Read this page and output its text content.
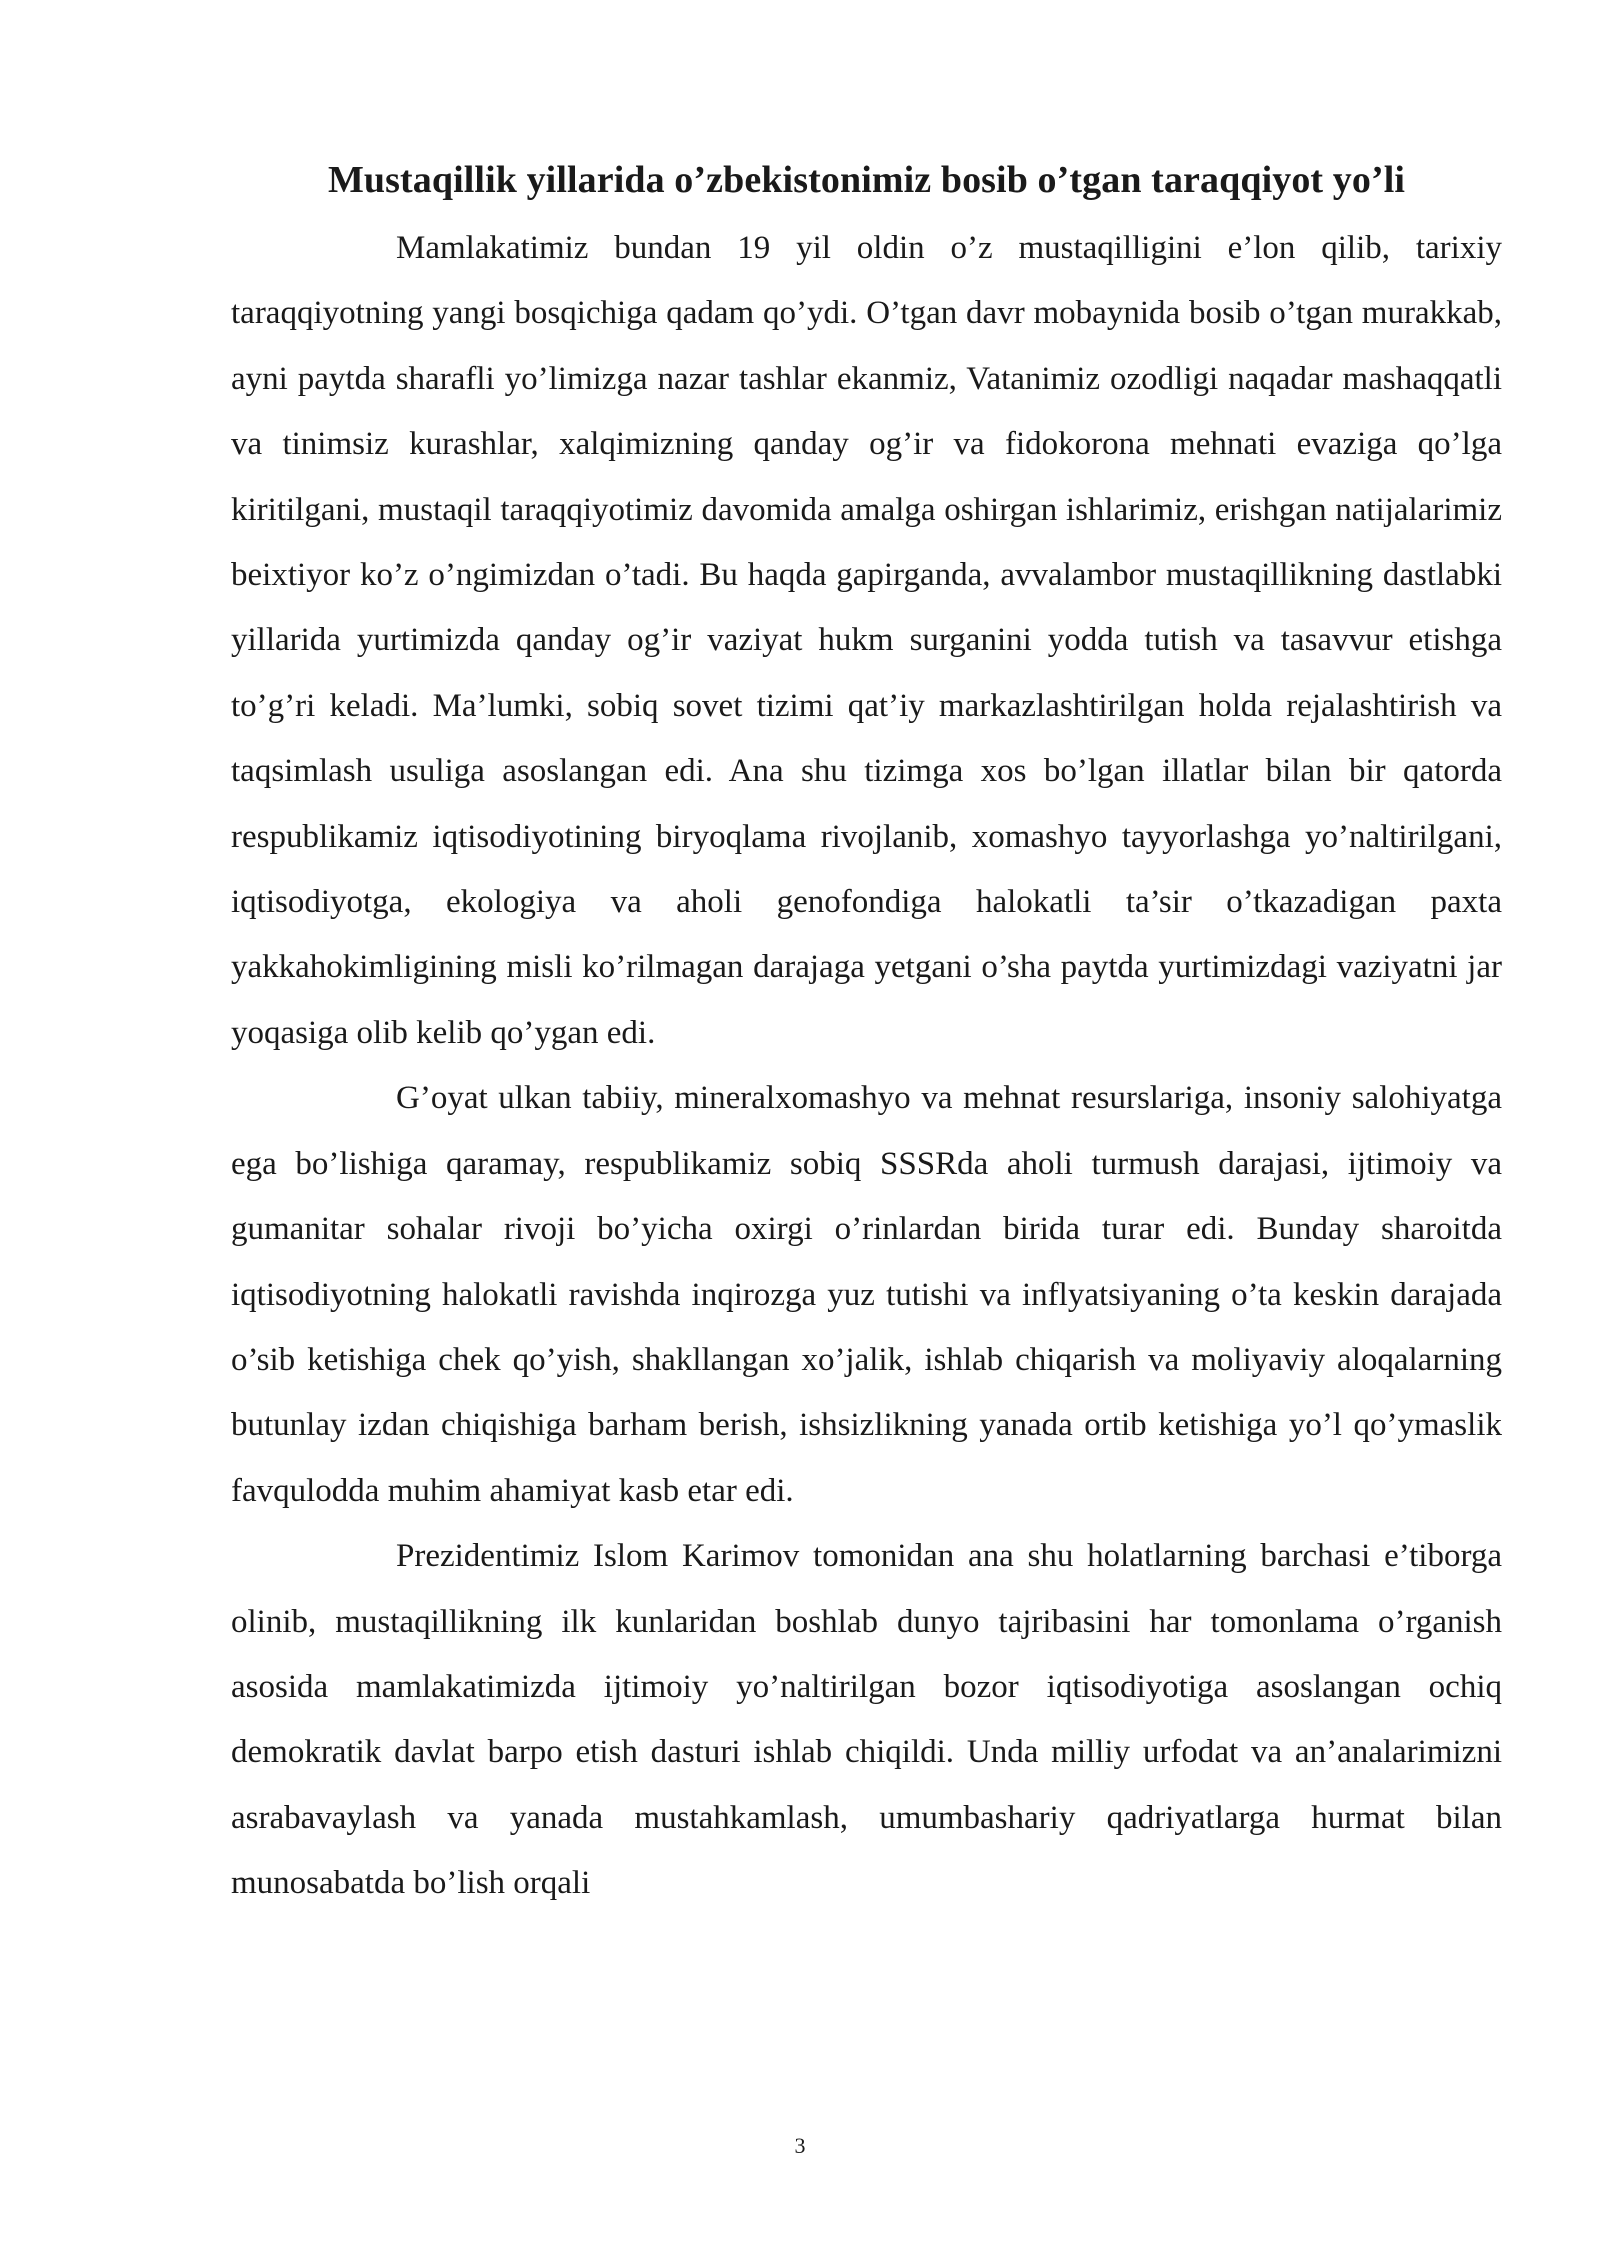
Mustaqillik yillarida o’zbekistonimiz bosib o’tgan taraqqiyot yo’li

Mamlakatimiz bundan 19 yil oldin o’z mustaqilligini e’lon qilib, tarixiy taraqqiyotning yangi bosqichiga qadam qo’ydi. O’tgan davr mobaynida bosib o’tgan murakkab, ayni paytda sharafli yo’limizga nazar tashlar ekanmiz, Vatanimiz ozodligi naqadar mashaqqatli va tinimsiz kurashlar, xalqimizning qanday og’ir va fidokorona mehnati evaziga qo’lga kiritilgani, mustaqil taraqqiyotimiz davomida amalga oshirgan ishlarimiz, erishgan natijalarimiz beixtiyor ko’z o’ngimizdan o’tadi. Bu haqda gapirganda, avvalambor mustaqillikning dastlabki yillarida yurtimizda qanday og’ir vaziyat hukm surganini yodda tutish va tasavvur etishga to’g’ri keladi. Ma’lumki, sobiq sovet tizimi qat’iy markazlashtirilgan holda rejalashtirish va taqsimlash usuliga asoslangan edi. Ana shu tizimga xos bo’lgan illatlar bilan bir qatorda respublikamiz iqtisodiyotining biryoqlama rivojlanib, xomashyo tayyorlashga yo’naltirilgani, iqtisodiyotga, ekologiya va aholi genofondiga halokatli ta’sir o’tkazadigan paxta yakkahokimligining misli ko’rilmagan darajaga yetgani o’sha paytda yurtimizdagi vaziyatni jar yoqasiga olib kelib qo’ygan edi.

G’oyat ulkan tabiiy, mineralxomashyo va mehnat resurslariga, insoniy salohiyatga ega bo’lishiga qaramay, respublikamiz sobiq SSSRda aholi turmush darajasi, ijtimoiy va gumanitar sohalar rivoji bo’yicha oxirgi o’rinlardan birida turar edi. Bunday sharoitda iqtisodiyotning halokatli ravishda inqirozga yuz tutishi va inflyatsiyaning o’ta keskin darajada o’sib ketishiga chek qo’yish, shakllangan xo’jalik, ishlab chiqarish va moliyaviy aloqalarning butunlay izdan chiqishiga barham berish, ishsizlikning yanada ortib ketishiga yo’l qo’ymaslik favqulodda muhim ahamiyat kasb etar edi.

Prezidentimiz Islom Karimov tomonidan ana shu holatlarning barchasi e’tiborga olinib, mustaqillikning ilk kunlaridan boshlab dunyo tajribasini har tomonlama o’rganish asosida mamlakatimizda ijtimoiy yo’naltirilgan bozor iqtisodiyotiga asoslangan ochiq demokratik davlat barpo etish dasturi ishlab chiqildi. Unda milliy urfodat va an’analarimizni asrabavaylash va yanada mustahkamlash, umumbashariy qadriyatlarga hurmat bilan munosabatda bo’lish orqali

3
